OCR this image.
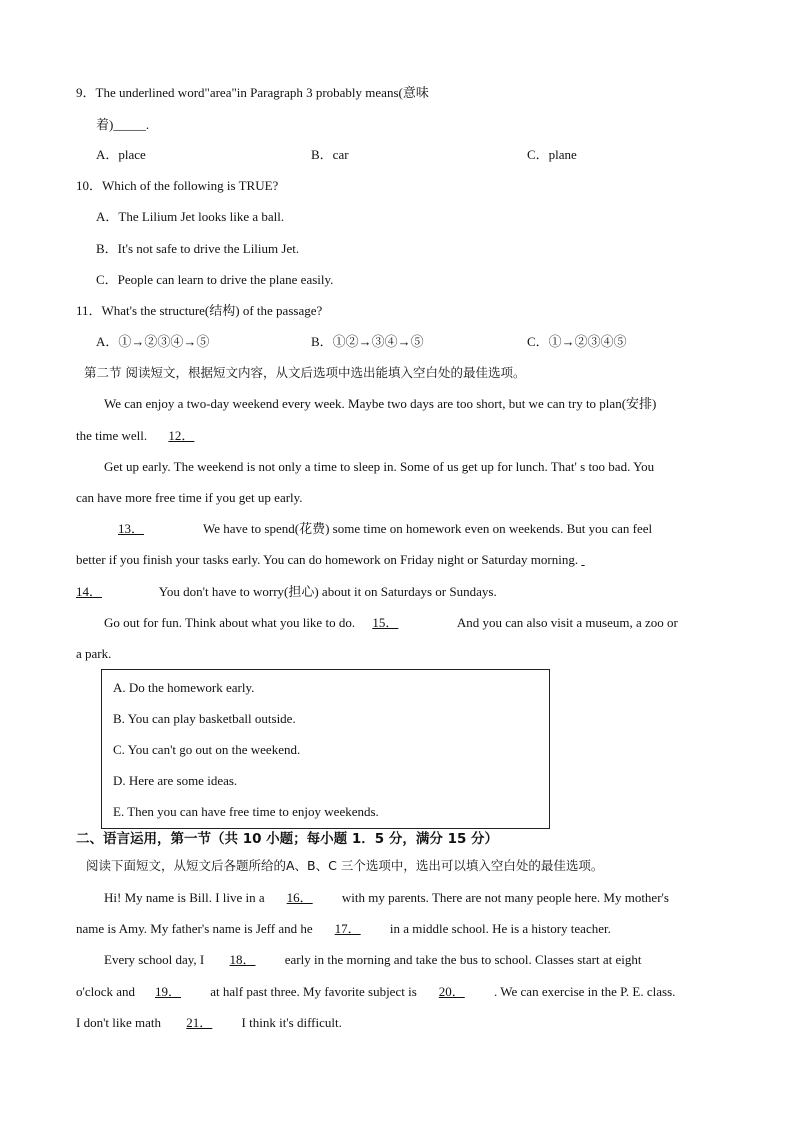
9．The underlined word"area"in Paragraph 3 probably means(意味
着)_____.
A．place	B．car	C．plane
10．Which of the following is TRUE?
A．The Lilium Jet looks like a ball.
B．It's not safe to drive the Lilium Jet.
C．People can learn to drive the plane easily.
11．What's the structure(结构) of the passage?
A．①→②③④→⑤	B．①②→③④→⑤	C．①→②③④⑤
第二节 阅读短文，根据短文内容，从文后选项中选出能填入空白处的最佳选项。
We can enjoy a two-day weekend every week. Maybe two days are too short, but we can try to plan(安排)
the time well. 12．
Get up early. The weekend is not only a time to sleep in. Some of us get up for lunch. That' s too bad. You
can have more free time if you get up early.
13．	We have to spend(花费) some time on homework even on weekends. But you can feel
better if you finish your tasks early. You can do homework on Friday night or Saturday morning.
14．	You don't have to worry(担心) about it on Saturdays or Sundays.
Go out for fun. Think about what you like to do. 15．	And you can also visit a museum, a zoo or
a park.
A. Do the homework early.
B. You can play basketball outside.
C. You can't go out on the weekend.
D. Here are some ideas.
E. Then you can have free time to enjoy weekends.
二、语言运用，第一节（共 10 小题；每小题 1．5 分，满分 15 分）
阅读下面短文，从短文后各题所给的A、B、C 三个选项中，选出可以填入空白处的最佳选项。
Hi! My name is Bill. I live in a 16． with my parents. There are not many people here. My mother's
name is Amy. My father's name is Jeff and he 17． in a middle school. He is a history teacher.
Every school day, I 18． early in the morning and take the bus to school. Classes start at eight
o'clock and 19． at half past three. My favorite subject is 20． . We can exercise in the P. E. class.
I don't like math 21． I think it's difficult.
